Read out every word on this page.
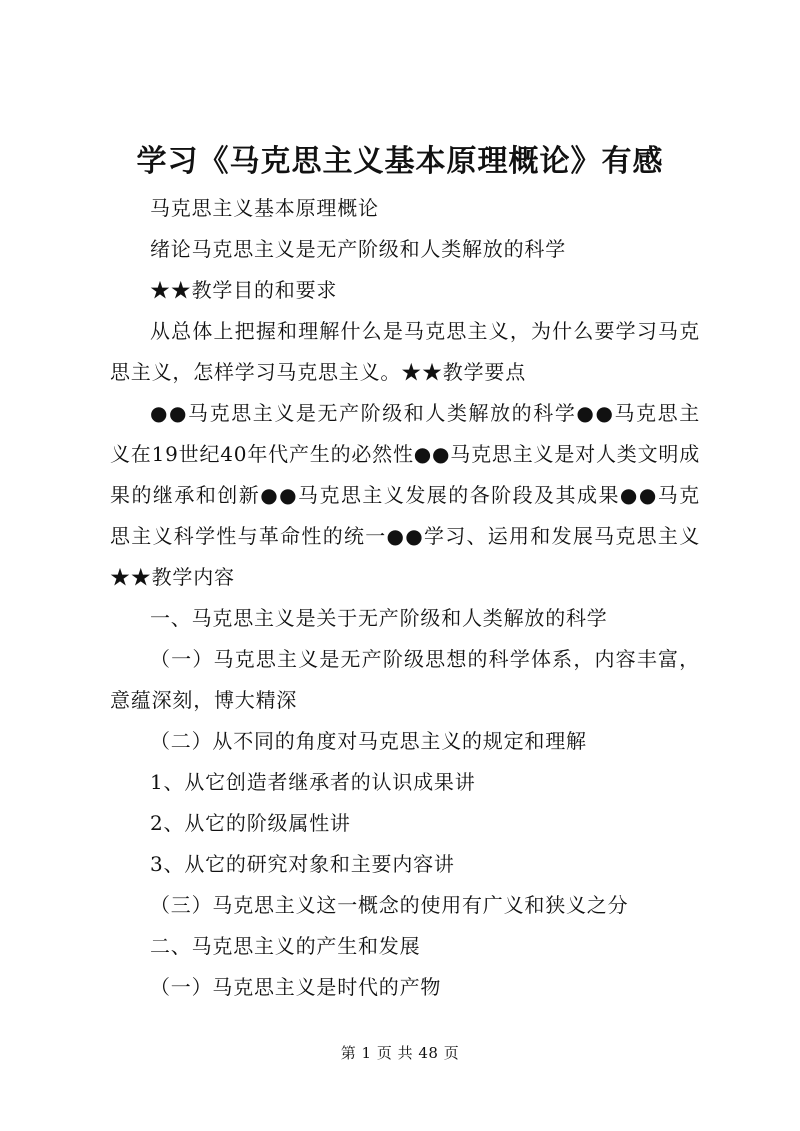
学习《马克思主义基本原理概论》有感

马克思主义基本原理概论

绪论马克思主义是无产阶级和人类解放的科学

★★教学目的和要求

从总体上把握和理解什么是马克思主义，为什么要学习马克思主义，怎样学习马克思主义。★★教学要点

●●马克思主义是无产阶级和人类解放的科学●●马克思主义在19世纪40年代产生的必然性●●马克思主义是对人类文明成果的继承和创新●●马克思主义发展的各阶段及其成果●●马克思主义科学性与革命性的统一●●学习、运用和发展马克思主义★★教学内容

一、马克思主义是关于无产阶级和人类解放的科学

（一）马克思主义是无产阶级思想的科学体系，内容丰富，意蕴深刻，博大精深

（二）从不同的角度对马克思主义的规定和理解

1、从它创造者继承者的认识成果讲

2、从它的阶级属性讲

3、从它的研究对象和主要内容讲

（三）马克思主义这一概念的使用有广义和狭义之分

二、马克思主义的产生和发展

（一）马克思主义是时代的产物

第 1 页 共 48 页
